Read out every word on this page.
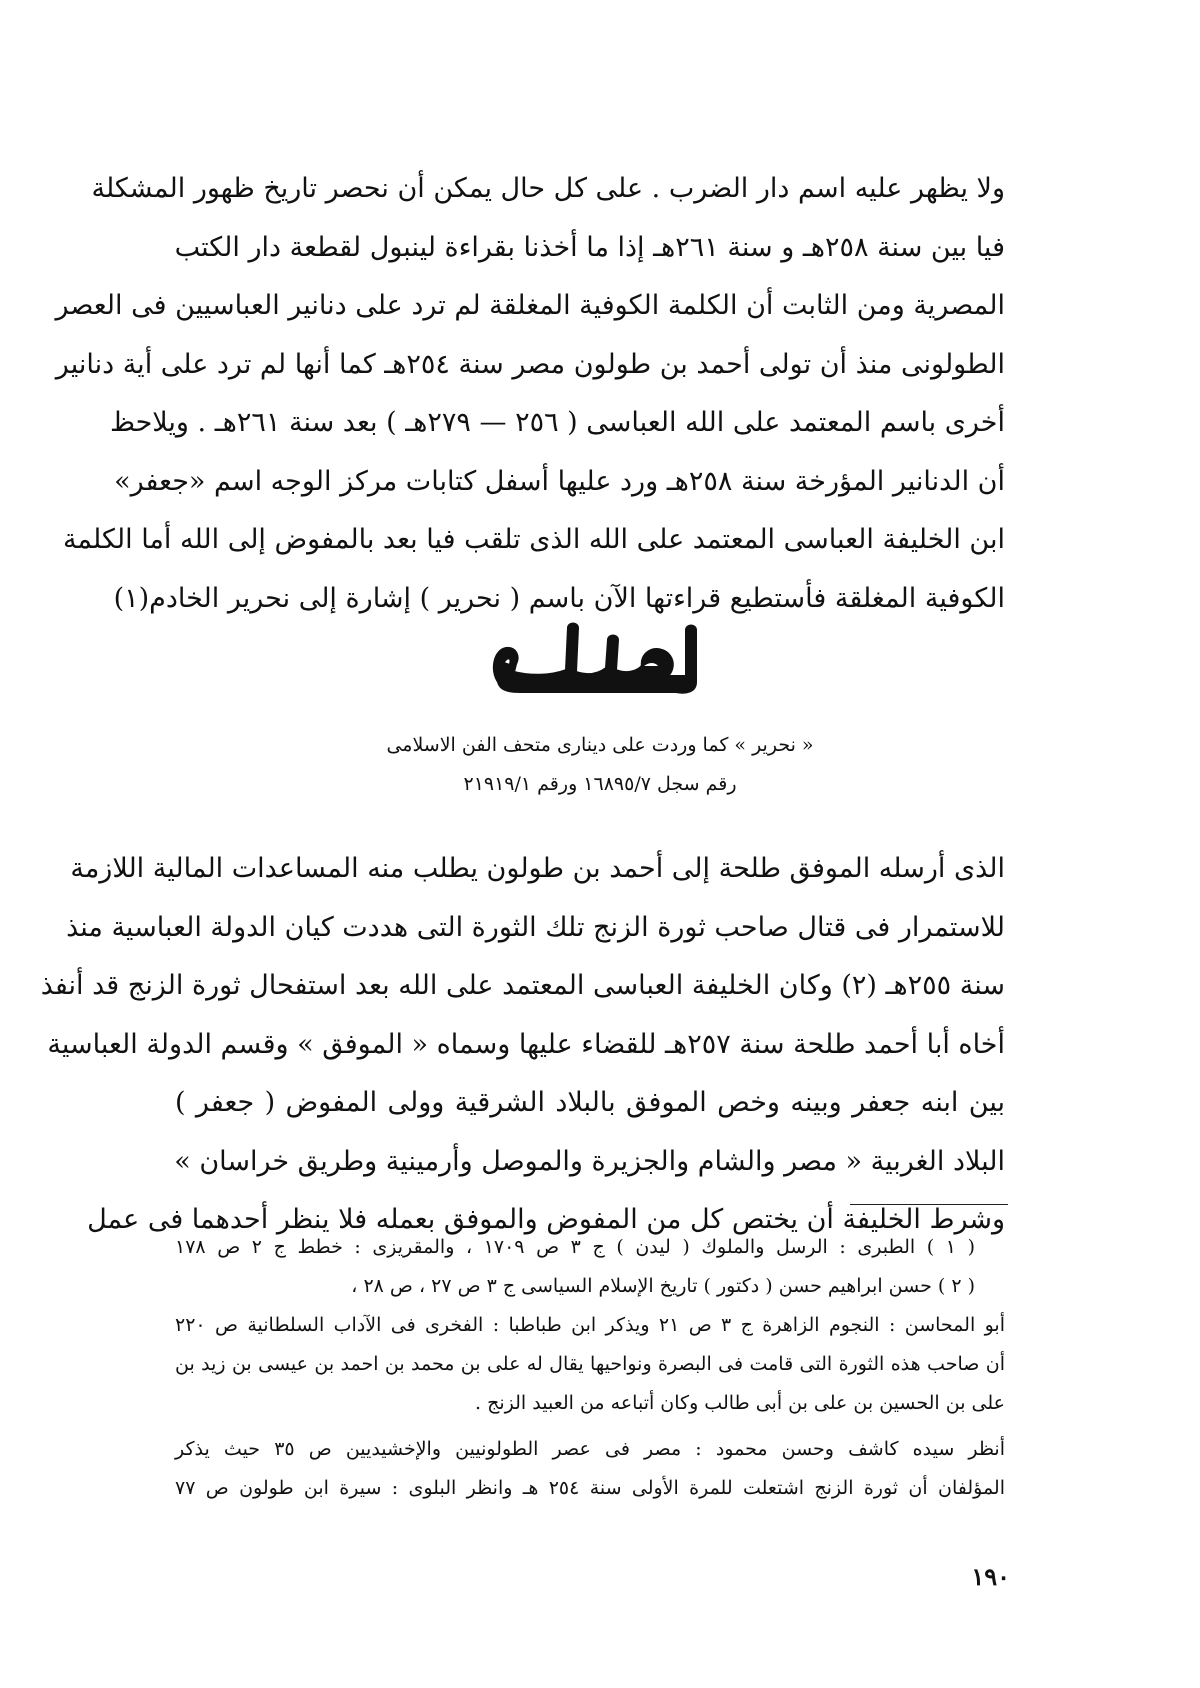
ولا يظهر عليه اسم دار الضرب . على كل حال يمكن أن نحصر تاريخ ظهور المشكلة
فيا بين سنة ٢٥٨هـ و سنة ٢٦١هـ إذا ما أخذنا بقراءة لينبول لقطعة دار الكتب
المصرية ومن الثابت أن الكلمة الكوفية المغلقة لم ترد على دنانير العباسيين فى العصر
الطولونى منذ أن تولى أحمد بن طولون مصر سنة ٢٥٤هـ كما أنها لم ترد على أية دنانير
أخرى باسم المعتمد على الله العباسى ( ٢٥٦ — ٢٧٩هـ ) بعد سنة ٢٦١هـ . ويلاحظ
أن الدنانير المؤرخة سنة ٢٥٨هـ ورد عليها أسفل كتابات مركز الوجه اسم «جعفر»
ابن الخليفة العباسى المعتمد على الله الذى تلقب فيا بعد بالمفوض إلى الله أما الكلمة
الكوفية المغلقة فأستطيع قراءتها الآن باسم ( نحرير ) إشارة إلى نحرير الخادم(١)
« نحرير » كما وردت على دينارى متحف الفن الاسلامى
رقم سجل ١٦٨٩٥/٧ ورقم ٢١٩١٩/١
الذى أرسله الموفق طلحة إلى أحمد بن طولون يطلب منه المساعدات المالية اللازمة
للاستمرار فى قتال صاحب ثورة الزنج تلك الثورة التى هددت كيان الدولة العباسية منذ
سنة ٢٥٥هـ (٢) وكان الخليفة العباسى المعتمد على الله بعد استفحال ثورة الزنج قد أنفذ
أخاه أبا أحمد طلحة سنة ٢٥٧هـ للقضاء عليها وسماه « الموفق » وقسم الدولة العباسية
بين ابنه جعفر وبينه وخص الموفق بالبلاد الشرقية وولى المفوض ( جعفر )
البلاد الغربية « مصر والشام والجزيرة والموصل وأرمينية وطريق خراسان »
وشرط الخليفة أن يختص كل من المفوض والموفق بعمله فلا ينظر أحدهما فى عمل
( ١ ) الطبرى : الرسل والملوك ( ليدن ) ج ٣ ص ١٧٠٩ ، والمقريزى : خطط ج ٢ ص ١٧٨
( ٢ ) حسن ابراهيم حسن ( دكتور ) تاريخ الإسلام السياسى ج ٣ ص ٢٧ ، ص ٢٨ ،
أبو المحاسن : النجوم الزاهرة ج ٣ ص ٢١ ويذكر ابن طباطبا : الفخرى فى الآداب السلطانية ص ٢٢٠
أن صاحب هذه الثورة التى قامت فى البصرة ونواحيها يقال له على بن محمد بن احمد بن عيسى بن زيد بن
على بن الحسين بن على بن أبى طالب وكان أتباعه من العبيد الزنج .
أنظر سيده كاشف وحسن محمود : مصر فى عصر الطولونيين والإخشيديين ص ٣٥ حيث يذكر
المؤلفان أن ثورة الزنج اشتعلت للمرة الأولى سنة ٢٥٤ هـ وانظر البلوى : سيرة ابن طولون ص ٧٧
١٩٠
